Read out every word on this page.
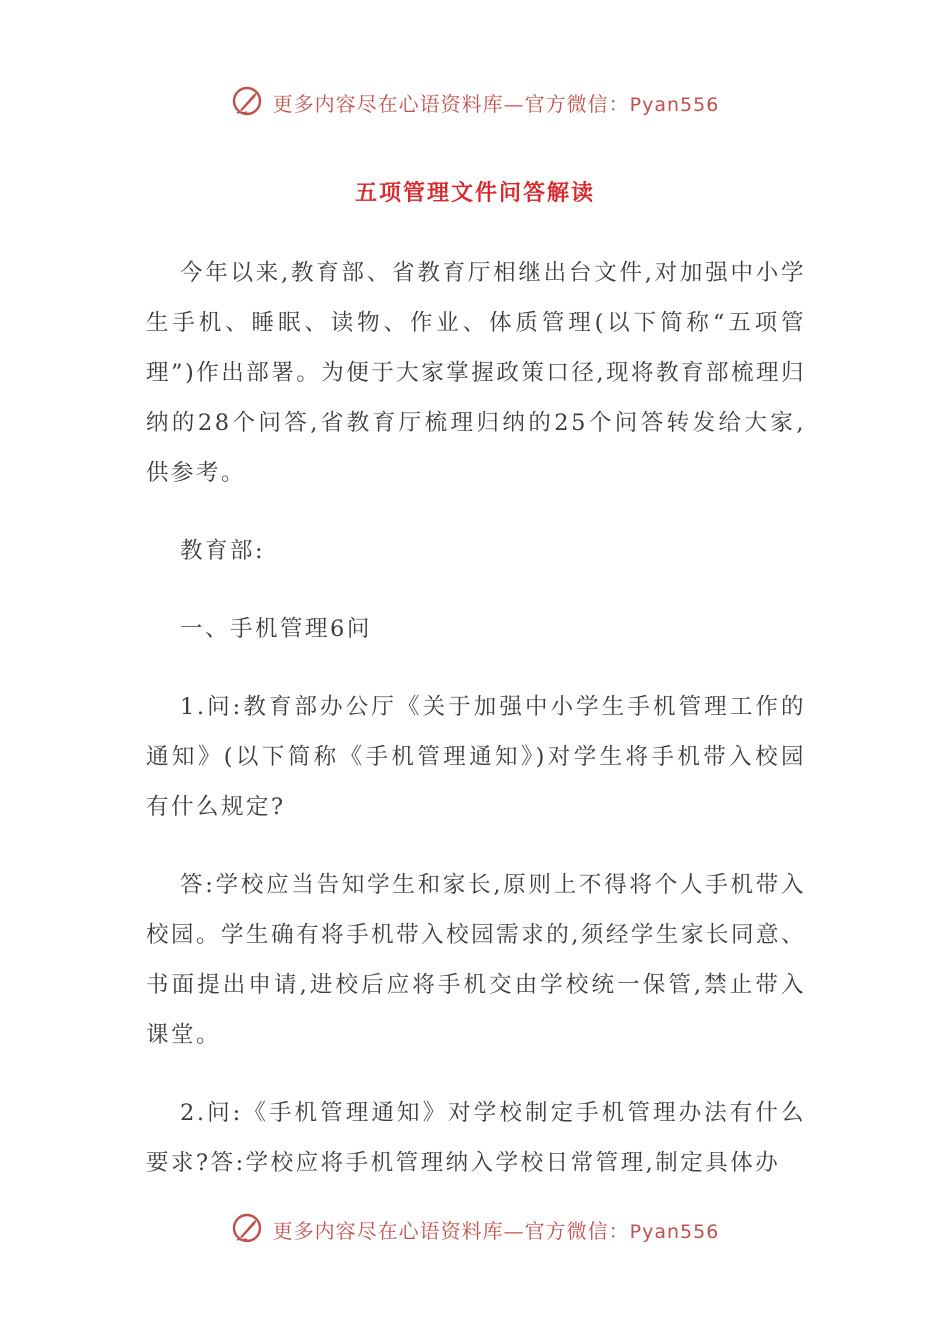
更多内容尽在心语资料库—官方微信：Pyan556
五项管理文件问答解读

今年以来,教育部、省教育厅相继出台文件,对加强中小学生手机、睡眠、读物、作业、体质管理(以下简称“五项管理”)作出部署。为便于大家掌握政策口径,现将教育部梳理归纳的28个问答,省教育厅梳理归纳的25个问答转发给大家,供参考。

教育部:

一、手机管理6问

1.问:教育部办公厅《关于加强中小学生手机管理工作的通知》(以下简称《手机管理通知》)对学生将手机带入校园有什么规定?

答:学校应当告知学生和家长,原则上不得将个人手机带入校园。学生确有将手机带入校园需求的,须经学生家长同意、书面提出申请,进校后应将手机交由学校统一保管,禁止带入课堂。

2.问:《手机管理通知》对学校制定手机管理办法有什么要求?答:学校应将手机管理纳入学校日常管理,制定具体办

更多内容尽在心语资料库—官方微信：Pyan556
